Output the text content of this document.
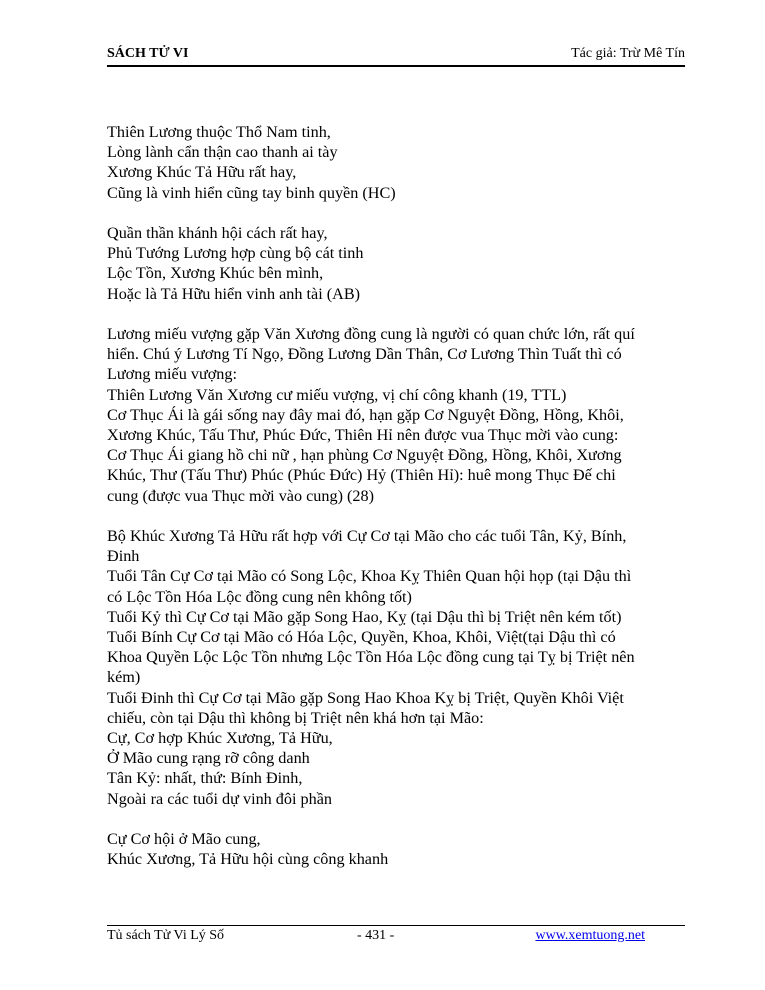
SÁCH TỬ VI	Tác giả: Trừ Mê Tín
Thiên Lương thuộc Thổ Nam tinh,
Lòng lành cẩn thận cao thanh ai tày
Xương Khúc Tả Hữu rất hay,
Cũng là vinh hiển cũng tay binh quyền (HC)
Quần thần khánh hội cách rất hay,
Phủ Tướng Lương hợp cùng bộ cát tinh
Lộc Tồn, Xương Khúc bên mình,
Hoặc là Tả Hữu hiển vinh anh tài (AB)
Lương miếu vượng gặp Văn Xương đồng cung là người có quan chức lớn, rất quí
hiển. Chú ý Lương Tí Ngọ, Đồng Lương Dần Thân, Cơ Lương Thìn Tuất thì có
Lương miếu vượng:
Thiên Lương Văn Xương cư miếu vượng, vị chí công khanh (19, TTL)
Cơ Thục Ái là gái sống nay đây mai đó, hạn gặp Cơ Nguyệt Đồng, Hồng, Khôi,
Xương Khúc, Tấu Thư, Phúc Đức, Thiên Hỉ nên được vua Thục mời vào cung:
Cơ Thục Ái giang hồ chi nữ , hạn phùng Cơ Nguyệt Đồng, Hồng, Khôi, Xương
Khúc, Thư (Tấu Thư) Phúc (Phúc Đức) Hỷ (Thiên Hỉ): huê mong Thục Đế chi
cung (được vua Thục mời vào cung) (28)
Bộ Khúc Xương Tả Hữu rất hợp với Cự Cơ tại Mão cho các tuổi Tân, Kỷ, Bính,
Đinh
Tuổi Tân Cự Cơ tại Mão có Song Lộc, Khoa Kỵ Thiên Quan hội họp (tại Dậu thì
có Lộc Tồn Hóa Lộc đồng cung nên không tốt)
Tuổi Kỷ thì Cự Cơ tại Mão gặp Song Hao, Kỵ (tại Dậu thì bị Triệt nên kém tốt)
Tuổi Bính Cự Cơ tại Mão có Hóa Lộc, Quyền, Khoa, Khôi, Việt(tại Dậu thì có
Khoa Quyền Lộc Lộc Tồn nhưng Lộc Tồn Hóa Lộc đồng cung tại Tỵ bị Triệt nên
kém)
Tuổi Đinh thì Cự Cơ tại Mão gặp Song Hao Khoa Kỵ bị Triệt, Quyền Khôi Việt
chiếu, còn tại Dậu thì không bị Triệt nên khá hơn tại Mão:
Cự, Cơ hợp Khúc Xương, Tả Hữu,
Ở Mão cung rạng rỡ công danh
Tân Kỷ: nhất, thứ: Bính Đinh,
Ngoài ra các tuổi dự vinh đôi phần
Cự Cơ hội ở Mão cung,
Khúc Xương, Tả Hữu hội cùng công khanh
Tủ sách Tử Vi Lý Số	- 431 -	www.xemtuong.net
